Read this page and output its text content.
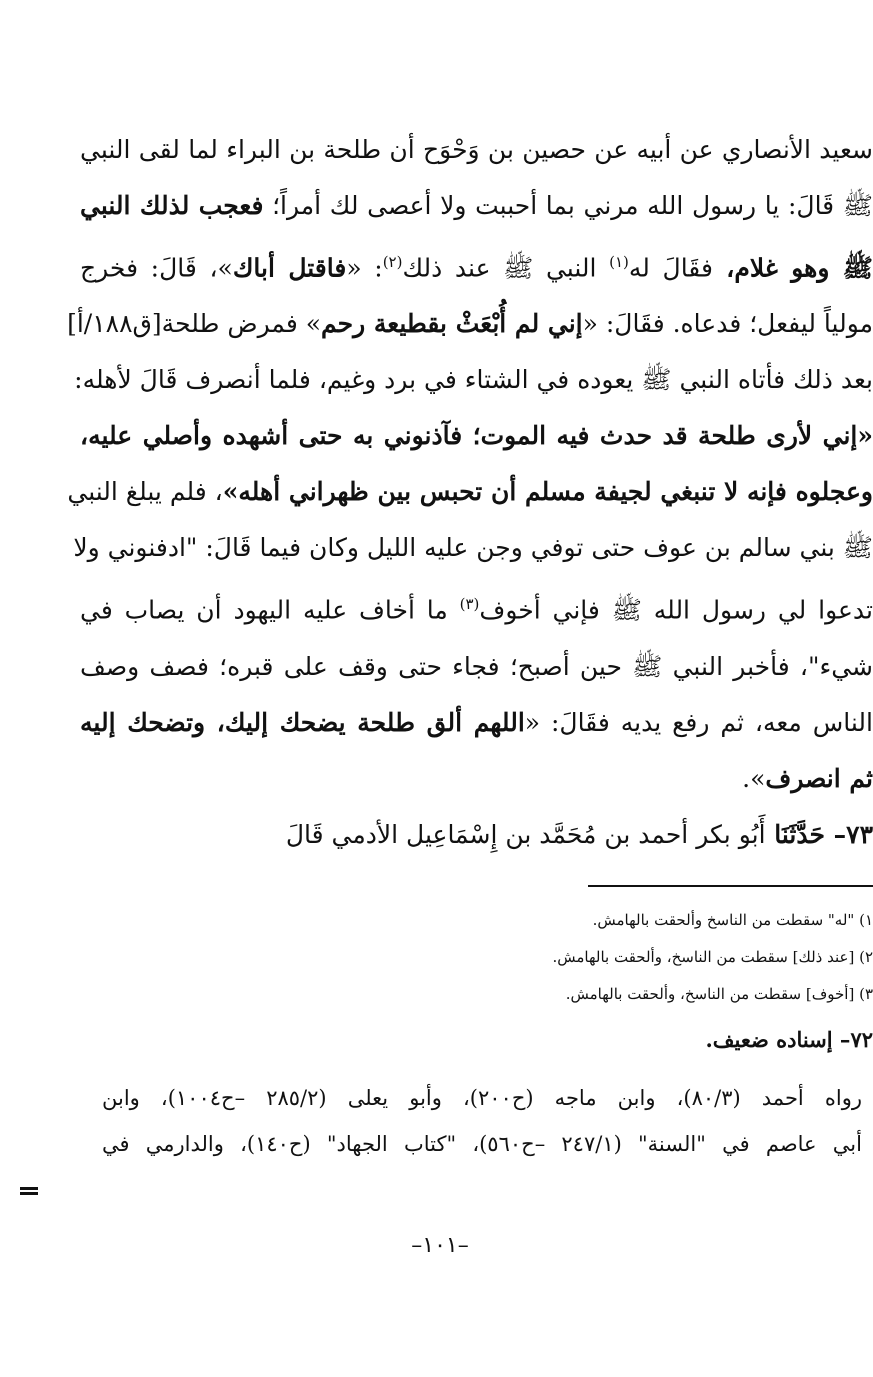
سعيد الأنصاري عن أبيه عن حصين بن وَحْوَح أن طلحة بن البراء لما لقى النبي
ﷺ قَالَ: يا رسول الله مرني بما أحببت ولا أعصى لك أمراً؛ فعجب لذلك النبي
ﷺ وهو غلام، فقَالَ له$^{(١)}$ النبي ﷺ عند ذلك$^{(٢)}$: «فاقتل أباك»، قَالَ: فخرج
مولياً ليفعل؛ فدعاه. فقَالَ: «إني لم أُبْعَثْ بقطيعة رحم» فمرض طلحة[ق١٨٨/أ]
بعد ذلك فأتاه النبي ﷺ يعوده في الشتاء في برد وغيم، فلما أنصرف قَالَ لأهله:
«إني لأرى طلحة قد حدث فيه الموت؛ فآذنوني به حتى أشهده وأصلي عليه،
وعجلوه فإنه لا تنبغي لجيفة مسلم أن تحبس بين ظهراني أهله»، فلم يبلغ النبي
ﷺ بني سالم بن عوف حتى توفي وجن عليه الليل وكان فيما قَالَ: "ادفنوني ولا
تدعوا لي رسول الله ﷺ فإني أخوف$^{(٣)}$ ما أخاف عليه اليهود أن يصاب في
شيء"، فأخبر النبي ﷺ حين أصبح؛ فجاء حتى وقف على قبره؛ فصف وصف
الناس معه، ثم رفع يديه فقَالَ: «اللهم ألق طلحة يضحك إليك، وتضحك إليه
ثم انصرف».
٧٣– حَدَّثَنَا أَبُو بكر أحمد بن مُحَمَّد بن إِسْمَاعِيل الأدمي قَالَ
١) "له" سقطت من الناسخ وألحقت بالهامش.
٢) [عند ذلك] سقطت من الناسخ، وألحقت بالهامش.
٣) [أخوف] سقطت من الناسخ، وألحقت بالهامش.
٧٢– إسناده ضعيف.
رواه أحمد (٨٠/٣)، وابن ماجه (ح٢٠٠)، وأبو يعلى (٢٨٥/٢ –ح١٠٠٤)، وابن
أبي عاصم في "السنة" (٢٤٧/١ –ح٥٦٠)، "كتاب الجهاد" (ح١٤٠)، والدارمي في
–١٠١–
